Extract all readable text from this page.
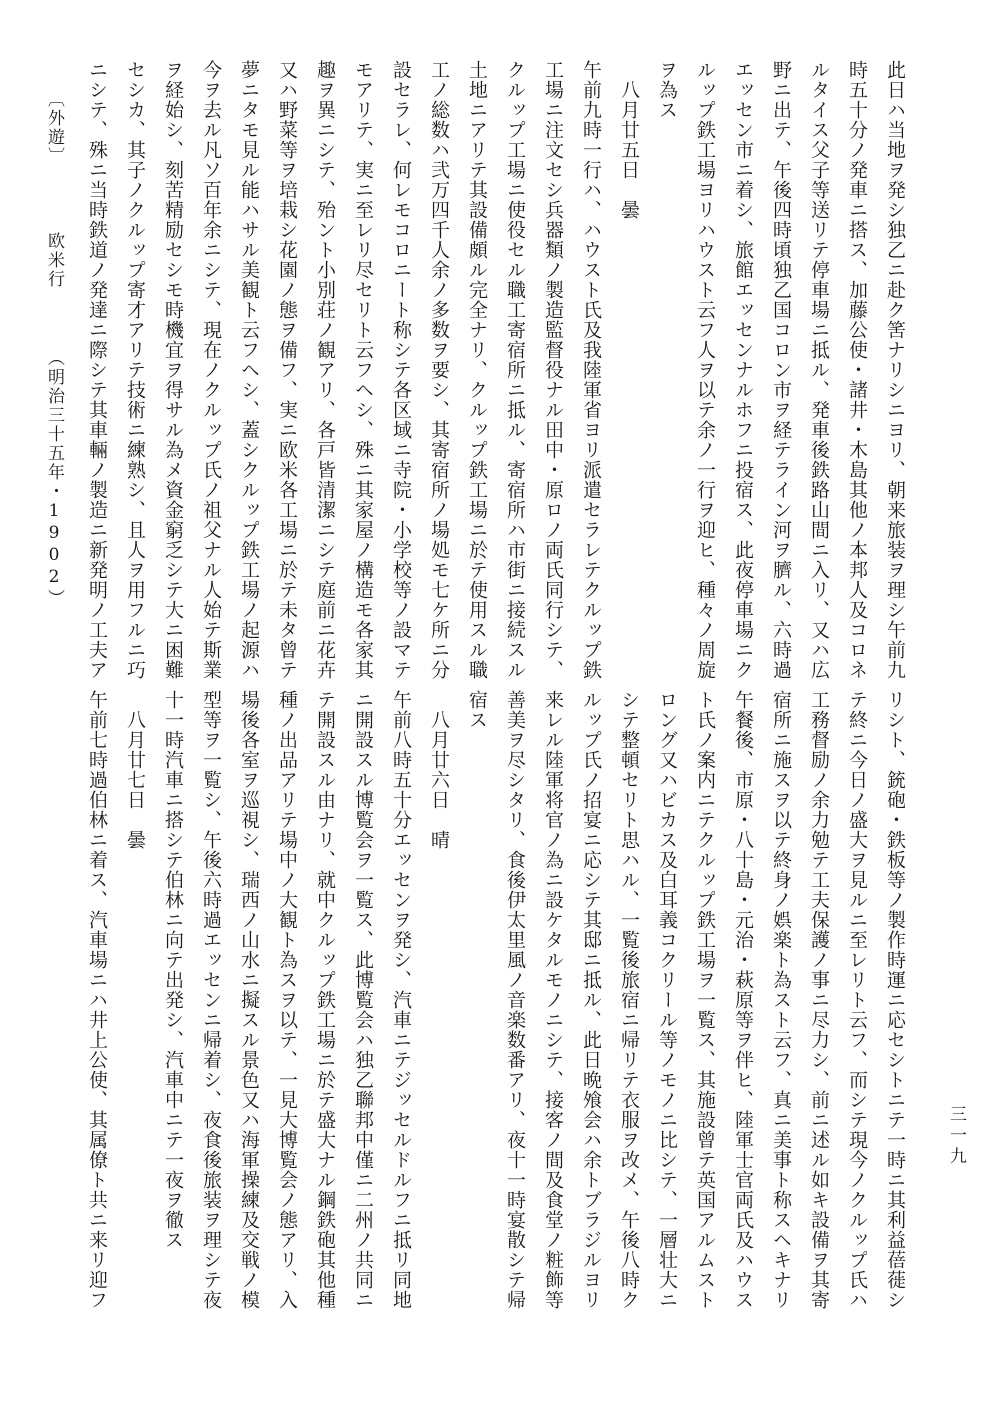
此日ハ当地ヲ発シ独乙ニ赴ク筈ナリシニヨリ、朝来旅装ヲ理シ午前九

時五十分ノ発車ニ搭ス、加藤公使・諸井・木島其他ノ本邦人及コロネ

ルタイス父子等送リテ停車場ニ抵ル、発車後鉄路山間ニ入リ、又ハ広

野ニ出テ、午後四時頃独乙国コロン市ヲ経テライン河ヲ臍ル、六時過

エッセン市ニ着シ、旅館エッセンナルホフニ投宿ス、此夜停車場ニク

ルップ鉄工場ヨリハウスト云フ人ヲ以テ余ノ一行ヲ迎ヒ、種々ノ周旋

ヲ為ス

　八月廿五日　曇

午前九時一行ハ、ハウスト氏及我陸軍省ヨリ派遣セラレテクルップ鉄

工場ニ注文セシ兵器類ノ製造監督役ナル田中・原ロノ両氏同行シテ、

クルップ工場ニ使役セル職工寄宿所ニ抵ル、寄宿所ハ市街ニ接続スル

土地ニアリテ其設備頗ル完全ナリ、クルップ鉄工場ニ於テ使用スル職

工ノ総数ハ弐万四千人余ノ多数ヲ要シ、其寄宿所ノ場処モ七ケ所ニ分

設セラレ、何レモコロニート称シテ各区域ニ寺院・小学校等ノ設マテ

モアリテ、実ニ至レリ尽セリト云フヘシ、殊ニ其家屋ノ構造モ各家其

趣ヲ異ニシテ、殆ント小別荘ノ観アリ、各戸皆清潔ニシテ庭前ニ花卉

又ハ野菜等ヲ培栽シ花園ノ態ヲ備フ、実ニ欧米各工場ニ於テ未タ曾テ

夢ニタモ見ル能ハサル美観ト云フヘシ、蓋シクルップ鉄工場ノ起源ハ

今ヲ去ル凡ソ百年余ニシテ、現在ノクルップ氏ノ祖父ナル人始テ斯業

ヲ経始シ、刻苦精励セシモ時機宜ヲ得サル為メ資金窮乏シテ大ニ困難

セシカ、其子ノクルップ寄才アリテ技術ニ練熟シ、且人ヲ用フルニ巧

ニシテ、殊ニ当時鉄道ノ発達ニ際シテ其車輛ノ製造ニ新発明ノ工夫ア

リシト、銃砲・鉄板等ノ製作時運ニ応セシトニテ一時ニ其利益蓓蓰シ

テ終ニ今日ノ盛大ヲ見ルニ至レリト云フ、而シテ現今ノクルップ氏ハ

工務督励ノ余力勉テ工夫保護ノ事ニ尽力シ、前ニ述ル如キ設備ヲ其寄

宿所ニ施スヲ以テ終身ノ娯楽ト為スト云フ、真ニ美事ト称スヘキナリ

午餐後、市原・八十島・元治・萩原等ヲ伴ヒ、陸軍士官両氏及ハウス

ト氏ノ案内ニテクルップ鉄工場ヲ一覧ス、其施設曾テ英国アルムスト

ロング又ハビカス及白耳義コクリール等ノモノニ比シテ、一層壮大ニ

シテ整頓セリト思ハル、一覧後旅宿ニ帰リテ衣服ヲ改メ、午後八時ク

ルップ氏ノ招宴ニ応シテ其邸ニ抵ル、此日晩飧会ハ余トブラジルヨリ

来レル陸軍将官ノ為ニ設ケタルモノニシテ、接客ノ間及食堂ノ粧飾等

善美ヲ尽シタリ、食後伊太里風ノ音楽数番アリ、夜十一時宴散シテ帰

宿ス

　八月廿六日　晴

午前八時五十分エッセンヲ発シ、汽車ニテジッセルドルフニ抵リ同地

ニ開設スル博覧会ヲ一覧ス、此博覧会ハ独乙聯邦中僅ニ二州ノ共同ニ

テ開設スル由ナリ、就中クルップ鉄工場ニ於テ盛大ナル鋼鉄砲其他種

種ノ出品アリテ場中ノ大観ト為スヲ以テ、一見大博覧会ノ態アリ、入

場後各室ヲ巡視シ、瑞西ノ山水ニ擬スル景色又ハ海軍操練及交戦ノ模

型等ヲ一覧シ、午後六時過エッセンニ帰着シ、夜食後旅装ヲ理シテ夜

十一時汽車ニ搭シテ伯林ニ向テ出発シ、汽車中ニテ一夜ヲ徹ス

　八月廿七日　曇

午前七時過伯林ニ着ス、汽車場ニハ井上公使、其属僚ト共ニ来リ迎フ

〔外遊〕  欧米行  （明治三十五年・1902）
三一九
